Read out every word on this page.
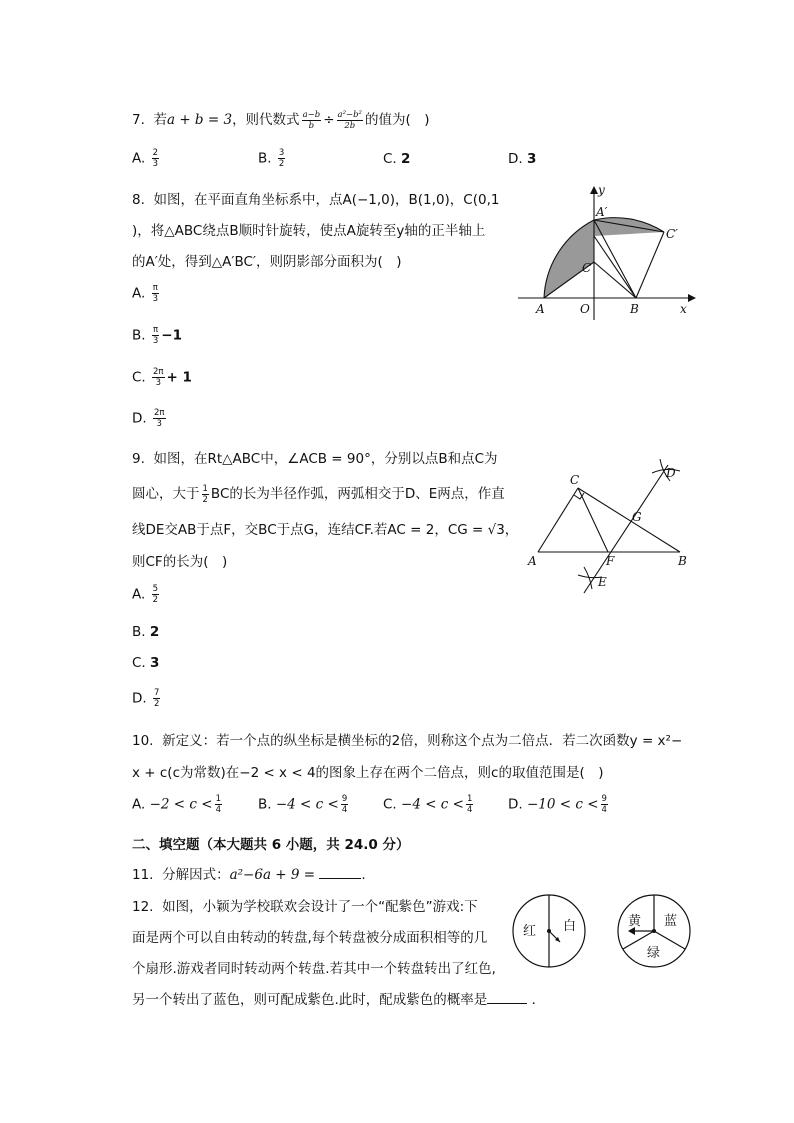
7. 若a + b = 3，则代数式 $\frac{a-b}{b} \div \frac{\text{a²−b²}}{2b}$ 的值为(　)
A. $\frac{2}{3}$	B. $\frac{3}{2}$	C. 2	D. 3
8. 如图，在平面直角坐标系中，点A(−1,0)，B(1,0)，C(0,1
)，将△ABC绕点B顺时针旋转，使点A旋转至y轴的正半轴上
的A′处，得到△A′BC′，则阴影部分面积为(　)
A. $\frac{\pi}{3}$
B. $\frac{\pi}{3} -1$
C. $\frac{2\pi}{3} + 1$
D. $\frac{2\pi}{3}$
y
x
A′
C′
C
A	O	B
9. 如图，在Rt△ABC中，∠ACB = 90°，分别以点B和点C为
圆心，大于 $\frac{1}{2}$ BC的长为半径作弧，两弧相交于D、E两点，作直
线DE交AB于点F，交BC于点G，连结CF.若AC = 2，CG = √3，
则CF的长为(　)
A. $\frac{5}{2}$
B. 2
C. 3
D. $\frac{7}{2}$
C	D
G
A	F	B
E
10. 新定义：若一个点的纵坐标是横坐标的2倍，则称这个点为二倍点．若二次函数y = x²−
x + c(c为常数)在−2 < x < 4的图象上存在两个二倍点，则c的取值范围是(　)
A. $-2 < c < \frac{1}{4}$	B. $-4 < c < \frac{9}{4}$	C. $-4 < c < \frac{1}{4}$	D. $-10 < c < \frac{9}{4}$
二、填空题（本大题共 6 小题，共 24.0 分）
11. 分解因式：a²−6a + 9 =	.
12. 如图，小颖为学校联欢会设计了一个“配紫色”游戏:下
面是两个可以自由转动的转盘,每个转盘被分成面积相等的几
个扇形.游戏者同时转动两个转盘.若其中一个转盘转出了红色,
另一个转出了蓝色，则可配成紫色.此时，配成紫色的概率是	．
红 白	黄 蓝
绿
